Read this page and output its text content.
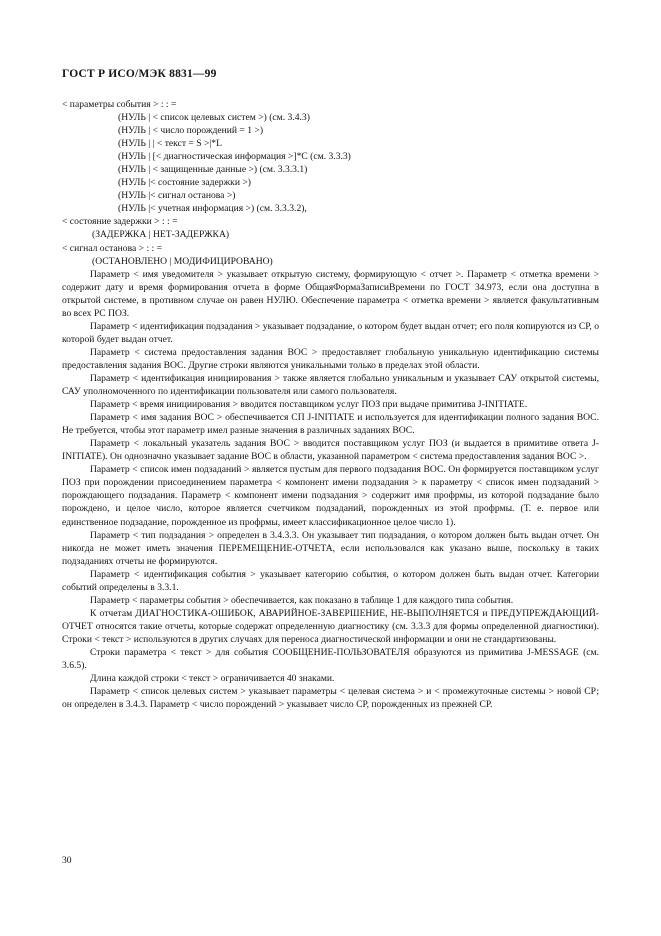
ГОСТ Р ИСО/МЭК 8831—99
< параметры события > : : =
(НУЛЬ | < список целевых систем >) (см. 3.4.3)
(НУЛЬ | < число порождений = 1 >)
(НУЛЬ | | < текст = S >|*L
(НУЛЬ | [< диагностическая информация >]*C (см. 3.3.3)
(НУЛЬ | < защищенные данные >) (см. 3.3.3.1)
(НУЛЬ |< состояние задержки >)
(НУЛЬ |< сигнал останова >)
(НУЛЬ |< учетная информация >) (см. 3.3.3.2),
< состояние задержки > : : =
(ЗАДЕРЖКА | НЕТ-ЗАДЕРЖКА)
< сигнал останова > : : =
(ОСТАНОВЛЕНО | МОДИФИЦИРОВАНО)

Параметр < имя уведомителя > указывает открытую систему, формирующую < отчет >. Параметр < отметка времени > содержит дату и время формирования отчета в форме ОбщаяФормаЗаписиВремени по ГОСТ 34.973, если она доступна в открытой системе, в противном случае он равен НУЛЮ. Обеспечение параметра < отметка времени > является факультативным во всех РС ПОЗ.

Параметр < идентификация подзадания > указывает подзадание, о котором будет выдан отчет; его поля копируются из СР, о которой будет выдан отчет.

Параметр < система предоставления задания ВОС > предоставляет глобальную уникальную идентификацию системы предоставления задания ВОС. Другие строки являются уникальными только в пределах этой области.

Параметр < идентификация инициирования > также является глобально уникальным и указывает САУ открытой системы, САУ уполномоченного по идентификации пользователя или самого пользователя.

Параметр < время инициирования > вводится поставщиком услуг ПОЗ при выдаче примитива J-INITIATE.

Параметр < имя задания ВОС > обеспечивается СП J-INITIATE и используется для идентификации полного задания ВОС. Не требуется, чтобы этот параметр имел разные значения в различных заданиях ВОС.

Параметр < локальный указатель задания ВОС > вводится поставщиком услуг ПОЗ (и выдается в примитиве ответа J-INITIATE). Он однозначно указывает задание ВОС в области, указанной параметром < система предоставления задания ВОС >.

Параметр < список имен подзаданий > является пустым для первого подзадания ВОС. Он формируется поставщиком услуг ПОЗ при порождении присоединением параметра < компонент имени подзадания > к параметру < список имен подзаданий > порождающего подзадания. Параметр < компонент имени подзадания > содержит имя профрмы, из которой подзадание было порождено, и целое число, которое является счетчиком подзаданий, порожденных из этой профрмы. (Т. е. первое или единственное подзадание, порожденное из профрмы, имеет классификационное целое число 1).

Параметр < тип подзадания > определен в 3.4.3.3. Он указывает тип подзадания, о котором должен быть выдан отчет. Он никогда не может иметь значения ПЕРЕМЕЩЕНИЕ-ОТЧЕТА, если использовался как указано выше, поскольку в таких подзаданиях отчеты не формируются.

Параметр < идентификация события > указывает категорию события, о котором должен быть выдан отчет. Категории событий определены в 3.3.1.

Параметр < параметры события > обеспечивается, как показано в таблице 1 для каждого типа события.

К отчетам ДИАГНОСТИКА-ОШИБОК, АВАРИЙНОЕ-ЗАВЕРШЕНИЕ, НЕ-ВЫПОЛНЯЕТСЯ и ПРЕДУПРЕЖДАЮЩИЙ-ОТЧЕТ относятся такие отчеты, которые содержат определенную диагностику (см. 3.3.3 для формы определенной диагностики). Строки < текст > используются в других случаях для переноса диагностической информации и они не стандартизованы.

Строки параметра < текст > для события СООБЩЕНИЕ-ПОЛЬЗОВАТЕЛЯ образуются из примитива J-MESSAGE (см. 3.6.5).

Длина каждой строки < текст > ограничивается 40 знаками.

Параметр < список целевых систем > указывает параметры < целевая система > и < промежуточные системы > новой СР; он определен в 3.4.3. Параметр < число порождений > указывает число СР, порожденных из прежней СР.

30
